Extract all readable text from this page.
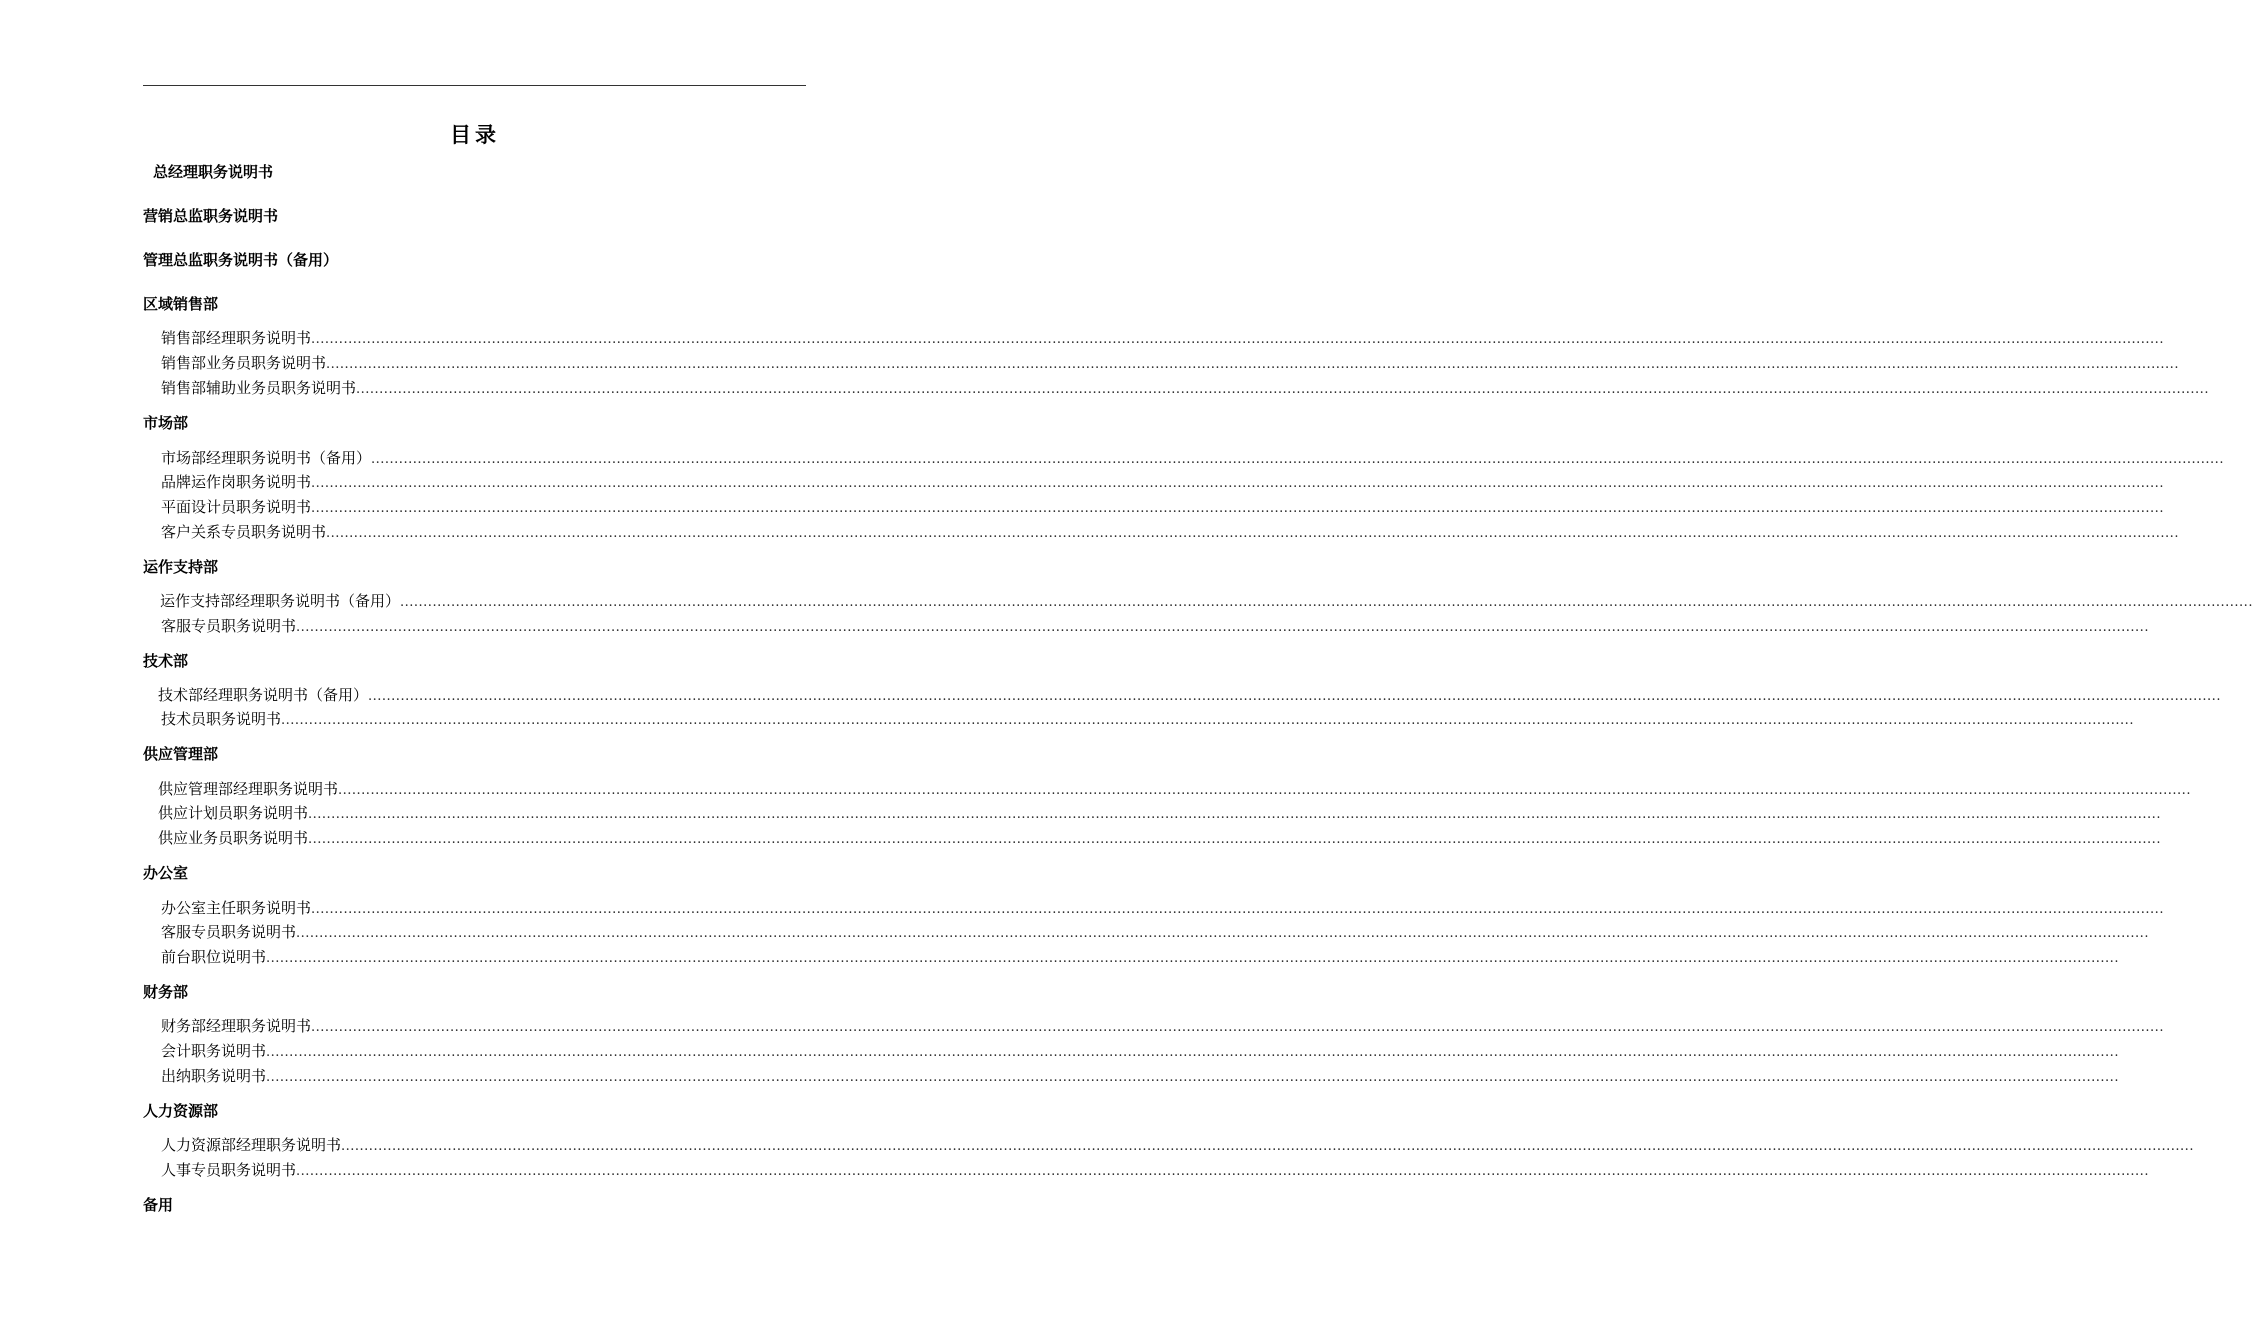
目录
总经理职务说明书
营销总监职务说明书
管理总监职务说明书（备用）
区域销售部
销售部经理职务说明书 ................................................................................................................................................................................................................................................................................................................................................................................................................
销售部业务员职务说明书 ................................................................................................................................................................................................................................................................................................................................................................................................................
销售部辅助业务员职务说明书 ................................................................................................................................................................................................................................................................................................................................................................................................................
市场部
市场部经理职务说明书（备用） ................................................................................................................................................................................................................................................................................................................................................................................................................
品牌运作岗职务说明书 ................................................................................................................................................................................................................................................................................................................................................................................................................
平面设计员职务说明书 ................................................................................................................................................................................................................................................................................................................................................................................................................
客户关系专员职务说明书 ................................................................................................................................................................................................................................................................................................................................................................................................................
运作支持部
运作支持部经理职务说明书（备用） ................................................................................................................................................................................................................................................................................................................................................................................................................
客服专员职务说明书 ................................................................................................................................................................................................................................................................................................................................................................................................................
技术部
技术部经理职务说明书（备用） ................................................................................................................................................................................................................................................................................................................................................................................................................
技术员职务说明书 ................................................................................................................................................................................................................................................................................................................................................................................................................
供应管理部
供应管理部经理职务说明书 ................................................................................................................................................................................................................................................................................................................................................................................................................
供应计划员职务说明书 ................................................................................................................................................................................................................................................................................................................................................................................................................
供应业务员职务说明书 ................................................................................................................................................................................................................................................................................................................................................................................................................
办公室
办公室主任职务说明书 ................................................................................................................................................................................................................................................................................................................................................................................................................
客服专员职务说明书 ................................................................................................................................................................................................................................................................................................................................................................................................................
前台职位说明书 ................................................................................................................................................................................................................................................................................................................................................................................................................
财务部
财务部经理职务说明书 ................................................................................................................................................................................................................................................................................................................................................................................................................
会计职务说明书 ................................................................................................................................................................................................................................................................................................................................................................................................................
出纳职务说明书 ................................................................................................................................................................................................................................................................................................................................................................................................................
人力资源部
人力资源部经理职务说明书 ................................................................................................................................................................................................................................................................................................................................................................................................................
人事专员职务说明书 ................................................................................................................................................................................................................................................................................................................................................................................................................
备用
